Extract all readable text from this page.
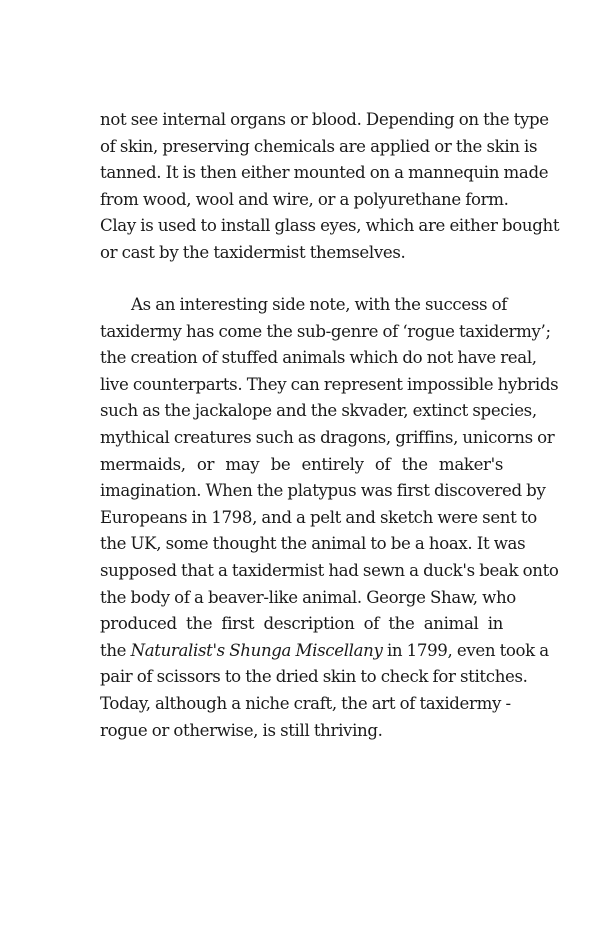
not see internal organs or blood. Depending on the type
of skin, preserving chemicals are applied or the skin is
tanned. It is then either mounted on a mannequin made
from wood, wool and wire, or a polyurethane form.
Clay is used to install glass eyes, which are either bought
or cast by the taxidermist themselves.
As an interesting side note, with the success of
taxidermy has come the sub-genre of ‘rogue taxidermy’;
the creation of stuffed animals which do not have real,
live counterparts. They can represent impossible hybrids
such as the jackalope and the skvader, extinct species,
mythical creatures such as dragons, griffins, unicorns or
mermaids, or may be entirely of the maker's
imagination. When the platypus was first discovered by
Europeans in 1798, and a pelt and sketch were sent to
the UK, some thought the animal to be a hoax. It was
supposed that a taxidermist had sewn a duck's beak onto
the body of a beaver-like animal. George Shaw, who
produced the first description of the animal in
the Naturalist's Shunga Miscellany in 1799, even took a
pair of scissors to the dried skin to check for stitches.
Today, although a niche craft, the art of taxidermy -
rogue or otherwise, is still thriving.
